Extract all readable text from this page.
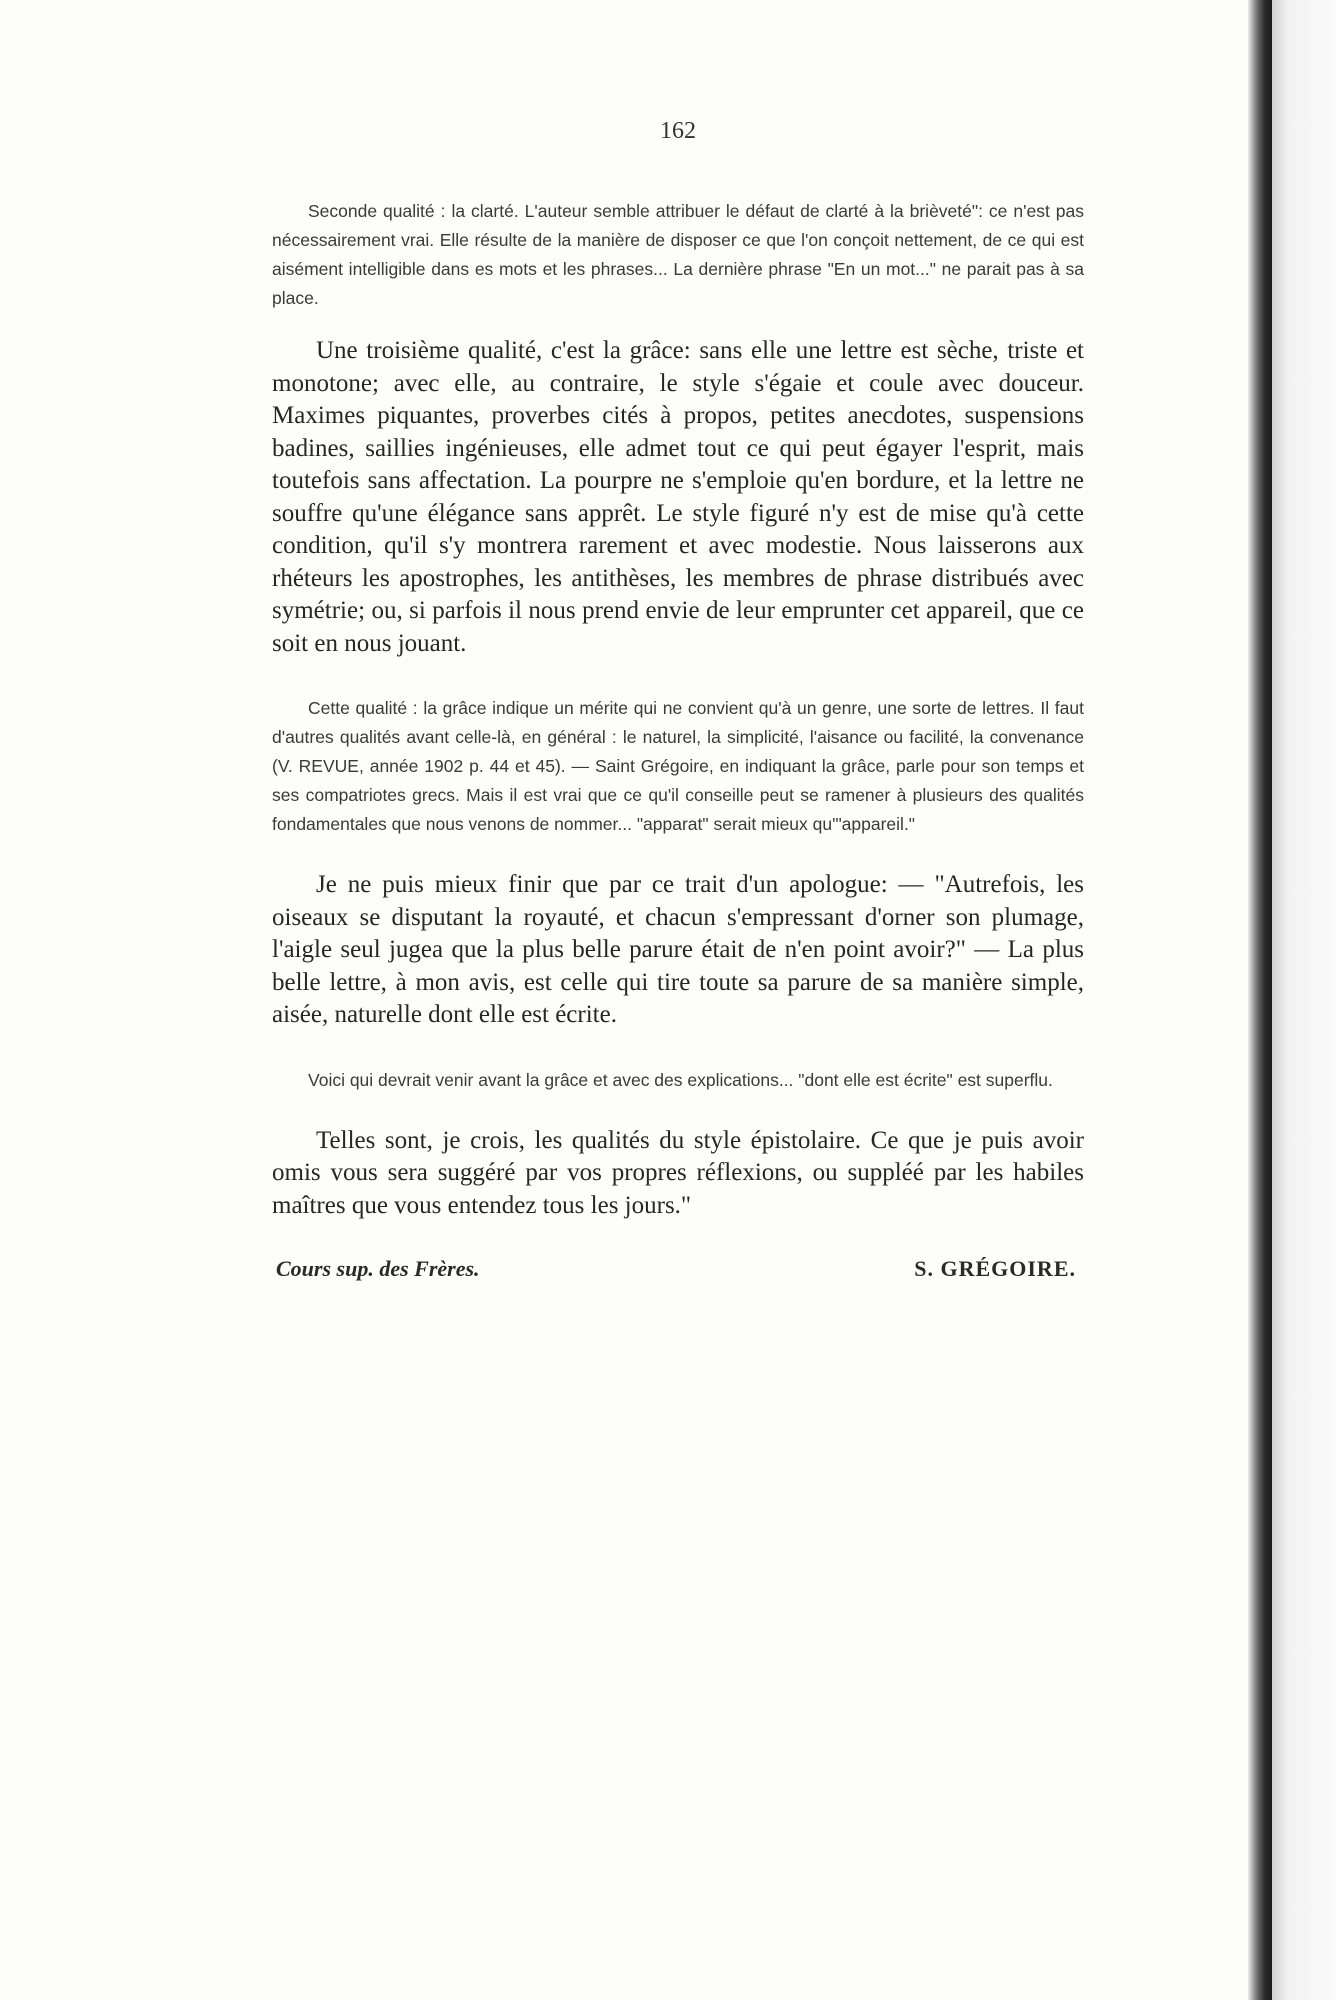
162

Seconde qualité : la clarté. L'auteur semble attribuer le défaut de clarté à la brièveté": ce n'est pas nécessairement vrai. Elle résulte de la manière de disposer ce que l'on conçoit nettement, de ce qui est aisément intelligible dans es mots et les phrases... La dernière phrase "En un mot..." ne parait pas à sa place.

Une troisième qualité, c'est la grâce: sans elle une lettre est sèche, triste et monotone; avec elle, au contraire, le style s'égaie et coule avec douceur. Maximes piquantes, proverbes cités à propos, petites anecdotes, suspensions badines, saillies ingénieuses, elle admet tout ce qui peut égayer l'esprit, mais toutefois sans affectation. La pourpre ne s'emploie qu'en bordure, et la lettre ne souffre qu'une élégance sans apprêt. Le style figuré n'y est de mise qu'à cette condition, qu'il s'y montrera rarement et avec modestie. Nous laisserons aux rhéteurs les apostrophes, les antithèses, les membres de phrase distribués avec symétrie; ou, si parfois il nous prend envie de leur emprunter cet appareil, que ce soit en nous jouant.

Cette qualité : la grâce indique un mérite qui ne convient qu'à un genre, une sorte de lettres. Il faut d'autres qualités avant celle-là, en général : le naturel, la simplicité, l'aisance ou facilité, la convenance (V. REVUE, année 1902 p. 44 et 45). — Saint Grégoire, en indiquant la grâce, parle pour son temps et ses compatriotes grecs. Mais il est vrai que ce qu'il conseille peut se ramener à plusieurs des qualités fondamentales que nous venons de nommer... "apparat" serait mieux qu'"appareil."

Je ne puis mieux finir que par ce trait d'un apologue: — "Autrefois, les oiseaux se disputant la royauté, et chacun s'empressant d'orner son plumage, l'aigle seul jugea que la plus belle parure était de n'en point avoir?" — La plus belle lettre, à mon avis, est celle qui tire toute sa parure de sa manière simple, aisée, naturelle dont elle est écrite.

Voici qui devrait venir avant la grâce et avec des explications... "dont elle est écrite" est superflu.

Telles sont, je crois, les qualités du style épistolaire. Ce que je puis avoir omis vous sera suggéré par vos propres réflexions, ou suppléé par les habiles maîtres que vous entendez tous les jours."

Cours sup. des Frères.	S. GRÉGOIRE.
